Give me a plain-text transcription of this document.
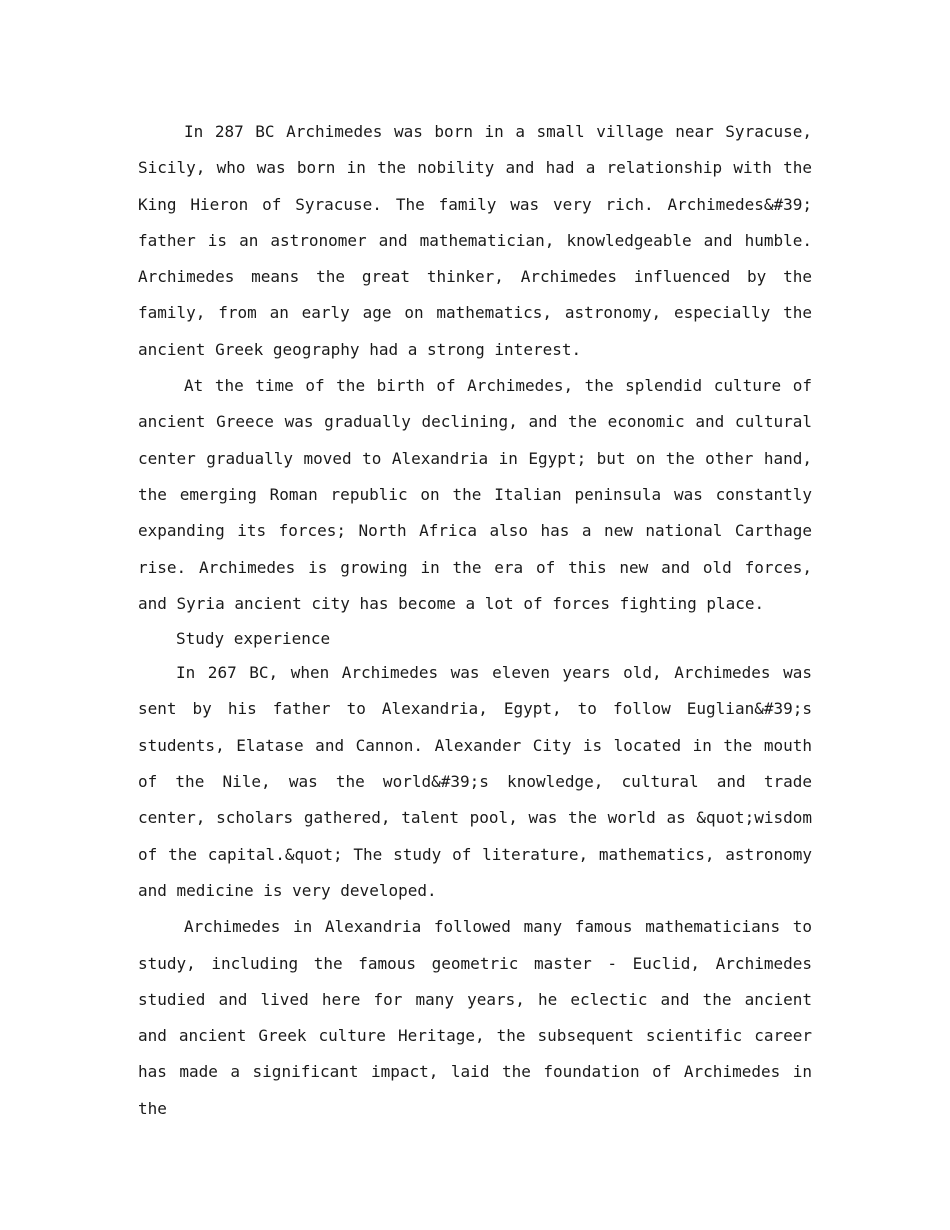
In 287 BC Archimedes was born in a small village near Syracuse, Sicily, who was born in the nobility and had a relationship with the King Hieron of Syracuse. The family was very rich. Archimedes&#39; father is an astronomer and mathematician, knowledgeable and humble. Archimedes means the great thinker, Archimedes influenced by the family, from an early age on mathematics, astronomy, especially the ancient Greek geography had a strong interest.

At the time of the birth of Archimedes, the splendid culture of ancient Greece was gradually declining, and the economic and cultural center gradually moved to Alexandria in Egypt; but on the other hand, the emerging Roman republic on the Italian peninsula was constantly expanding its forces; North Africa also has a new national Carthage rise. Archimedes is growing in the era of this new and old forces, and Syria ancient city has become a lot of forces fighting place.

Study experience

In 267 BC, when Archimedes was eleven years old, Archimedes was sent by his father to Alexandria, Egypt, to follow Euglian&#39;s students, Elatase and Cannon. Alexander City is located in the mouth of the Nile, was the world&#39;s knowledge, cultural and trade center, scholars gathered, talent pool, was the world as &quot;wisdom of the capital.&quot; The study of literature, mathematics, astronomy and medicine is very developed.

Archimedes in Alexandria followed many famous mathematicians to study, including the famous geometric master - Euclid, Archimedes studied and lived here for many years, he eclectic and the ancient and ancient Greek culture Heritage, the subsequent scientific career has made a significant impact, laid the foundation of Archimedes in the
